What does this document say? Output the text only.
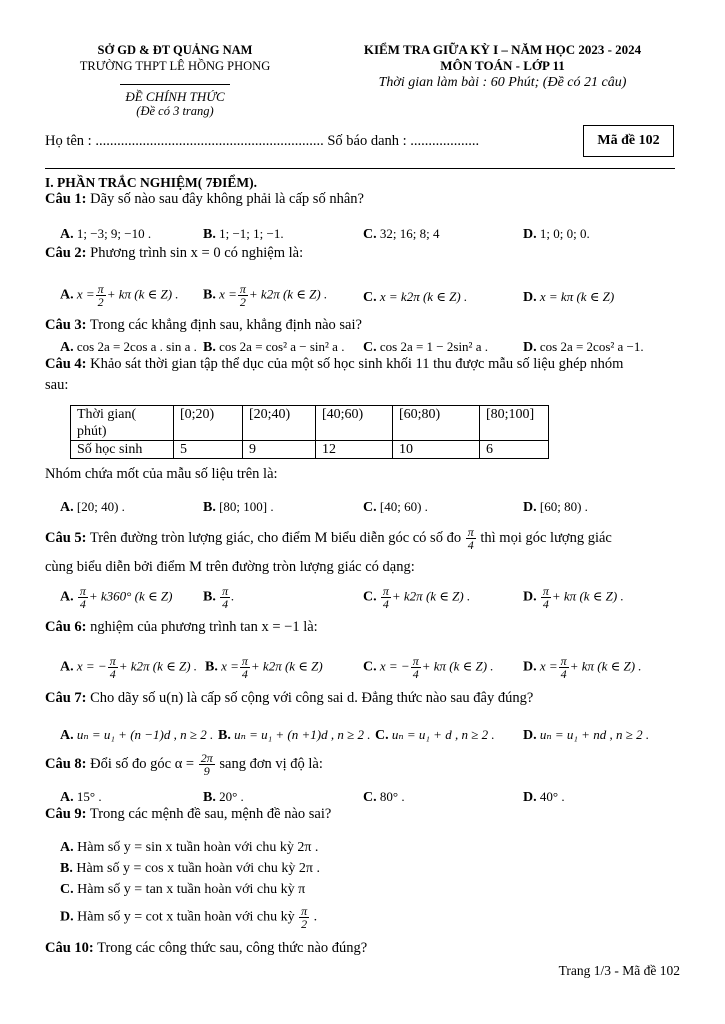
SỞ GD & ĐT QUẢNG NAM
TRƯỜNG THPT LÊ HỒNG PHONG
ĐỀ CHÍNH THỨC
(Đề có 3 trang)
KIỂM TRA GIỮA KỲ I – NĂM HỌC 2023 - 2024
MÔN TOÁN - LỚP 11
Thời gian làm bài : 60 Phút; (Đề có 21 câu)
Họ tên : ............................................................... Số báo danh : ...................	Mã đề 102
I. PHẦN TRẮC NGHIỆM( 7ĐIỂM).
Câu 1: Dãy số nào sau đây không phải là cấp số nhân?
A. 1; −3; 9; −10 .	B. 1; −1; 1; −1.	C. 32; 16; 8; 4	D. 1; 0; 0; 0.
Câu 2: Phương trình sin x = 0 có nghiệm là:
A. $x = \frac{\pi}{2} + k\pi$ (k ∈ Z) . B. $x = \frac{\pi}{2} + k2\pi$ (k ∈ Z) .	C. x = k2π (k ∈ Z) .	D. x = kπ (k ∈ Z)
Câu 3: Trong các khẳng định sau, khẳng định nào sai?
A. cos 2a = 2cos a . sin a . B. cos 2a = cos² a − sin² a . C. cos 2a = 1 − 2sin² a .	D. cos 2a = 2cos² a −1.
Câu 4: Khảo sát thời gian tập thể dục của một số học sinh khối 11 thu được mẫu số liệu ghép nhóm
sau:
Thời gian(
phút)	[0;20)	[20;40)	[40;60)	[60;80)	[80;100]
Số học sinh	5	9	12	10	6
Nhóm chứa mốt của mẫu số liệu trên là:
A. [20; 40) .	B. [80; 100] .	C. [40; 60) .	D. [60; 80) .
Câu 5: Trên đường tròn lượng giác, cho điểm M biểu diễn góc có số đo $\frac{\pi}{4}$ thì mọi góc lượng giác
cùng biểu diễn bởi điểm M trên đường tròn lượng giác có dạng:
A. $\frac{\pi}{4} + k360^\circ$ (k ∈ Z) B. $\frac{\pi}{4}$ .	C. $\frac{\pi}{4} + k2\pi$ (k ∈ Z) .	D. $\frac{\pi}{4} + k\pi$ (k ∈ Z) .
Câu 6: nghiệm của phương trình tan x = −1 là:
A. x = − $\frac{\pi}{4} + k2\pi$ (k ∈ Z) . B. $x = \frac{\pi}{4} + k2\pi$ (k ∈ Z)	C. x = − $\frac{\pi}{4} + k\pi$ (k ∈ Z) . D. $x = \frac{\pi}{4} + k\pi$ (k ∈ Z) .
Câu 7: Cho dãy số u(n) là cấp số cộng với công sai d. Đẳng thức nào sau đây đúng?
A. uₙ = u₁ + (n −1)d , n ≥ 2 . B. uₙ = u₁ + (n +1)d , n ≥ 2 . C. uₙ = u₁ + d , n ≥ 2 . D. uₙ = u₁ + nd , n ≥ 2 .
Câu 8: Đổi số đo góc $\alpha = \frac{2\pi}{9}$ sang đơn vị độ là:
A. 15° .	B. 20° .	C. 80° .	D. 40° .
Câu 9: Trong các mệnh đề sau, mệnh đề nào sai?
A. Hàm số y = sin x tuần hoàn với chu kỳ 2π .
B. Hàm số y = cos x tuần hoàn với chu kỳ 2π .
C. Hàm số y = tan x tuần hoàn với chu kỳ π
D. Hàm số y = cot x tuần hoàn với chu kỳ $\frac{\pi}{2}$ .
Câu 10: Trong các công thức sau, công thức nào đúng?
Trang 1/3 - Mã đề 102
